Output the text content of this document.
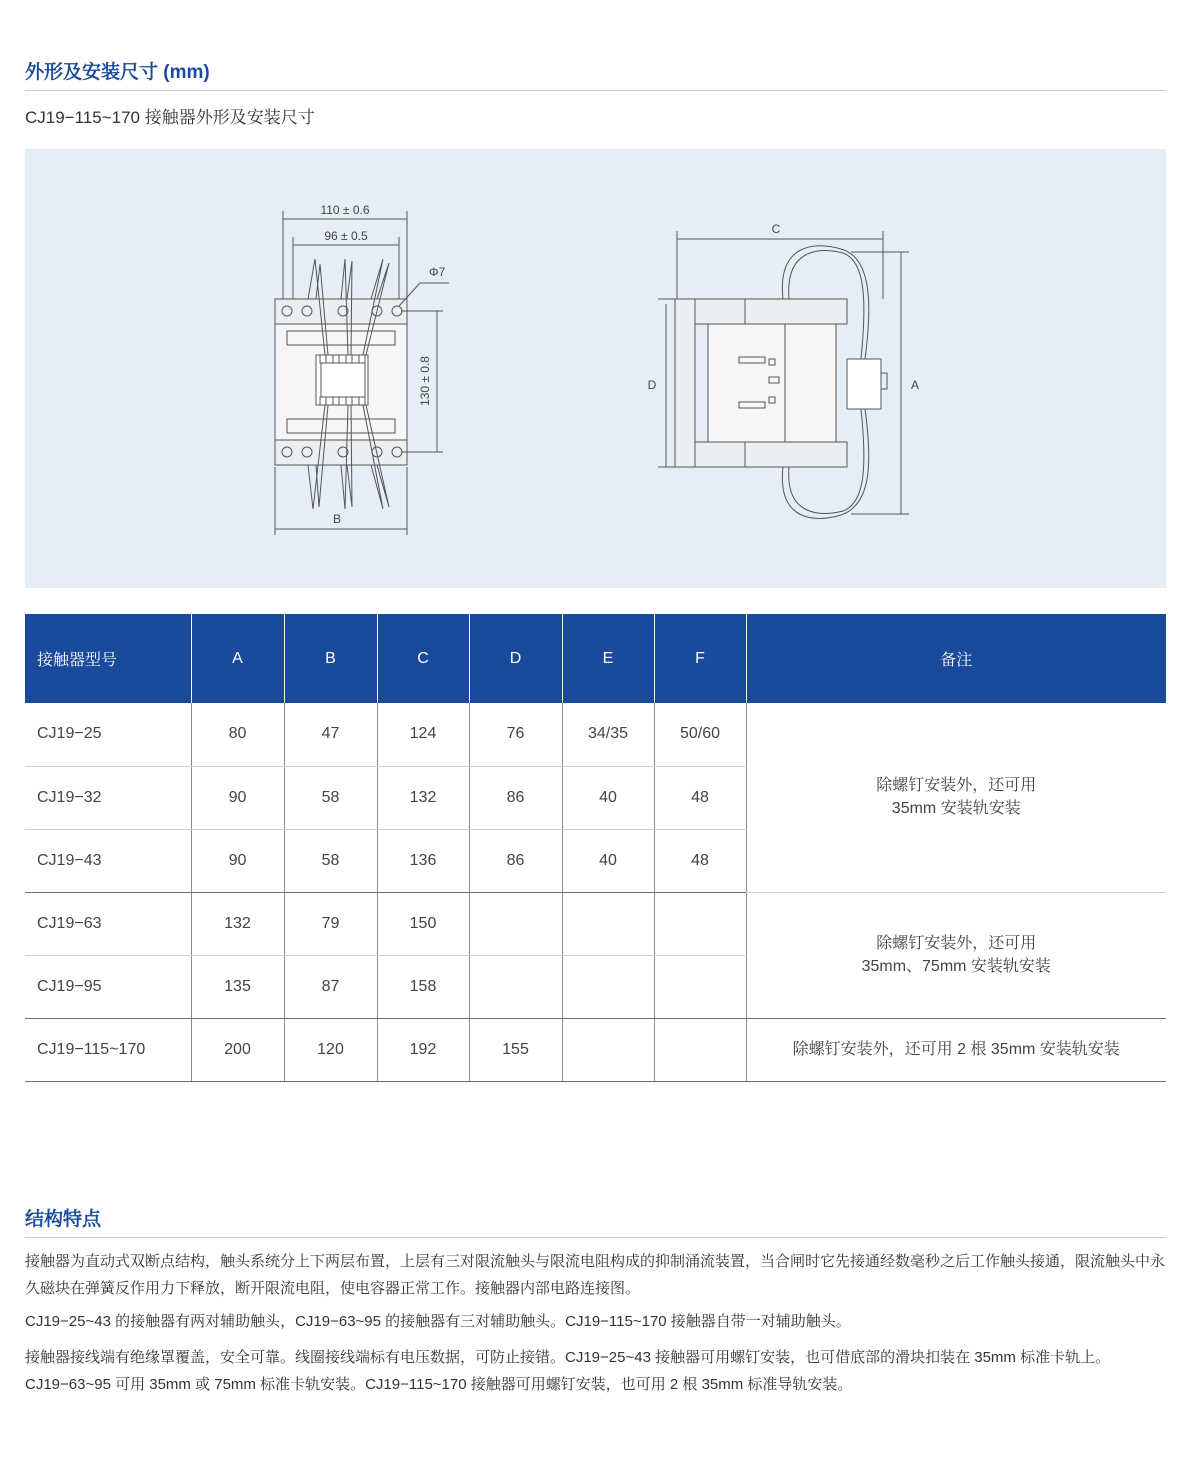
外形及安装尺寸 (mm)
CJ19−115~170 接触器外形及安装尺寸
110 ± 0.6
96 ± 0.5
Φ7
130 ± 0.8
B
C
D	A
接触器型号	A	B	C	D	E	F	备注
CJ19−25	80	47	124	76	34/35	50/60	除螺钉安装外，还可用
35mm 安装轨安装

CJ19−32	90	58	132	86	40	48	
CJ19−43	90	58	136	86	40	48	
CJ19−63	132	79	150				除螺钉安装外，还可用
35mm、75mm 安装轨安装

CJ19−95	135	87	158				
CJ19−115~170	200	120	192	155			除螺钉安装外，还可用 2 根 35mm 安装轨安装
结构特点
接触器为直动式双断点结构，触头系统分上下两层布置，上层有三对限流触头与限流电阻构成的抑制涌流装置，当合闸时它先接通经数毫秒之后工作触头接通，限流触头中永久磁块在弹簧反作用力下释放，断开限流电阻，使电容器正常工作。接触器内部电路连接图。
CJ19−25~43 的接触器有两对辅助触头，CJ19−63~95 的接触器有三对辅助触头。CJ19−115~170 接触器自带一对辅助触头。
接触器接线端有绝缘罩覆盖，安全可靠。线圈接线端标有电压数据，可防止接错。CJ19−25~43 接触器可用螺钉安装，也可借底部的滑块扣装在 35mm 标准卡轨上。CJ19−63~95 可用 35mm 或 75mm 标准卡轨安装。CJ19−115~170 接触器可用螺钉安装，也可用 2 根 35mm 标准导轨安装。
